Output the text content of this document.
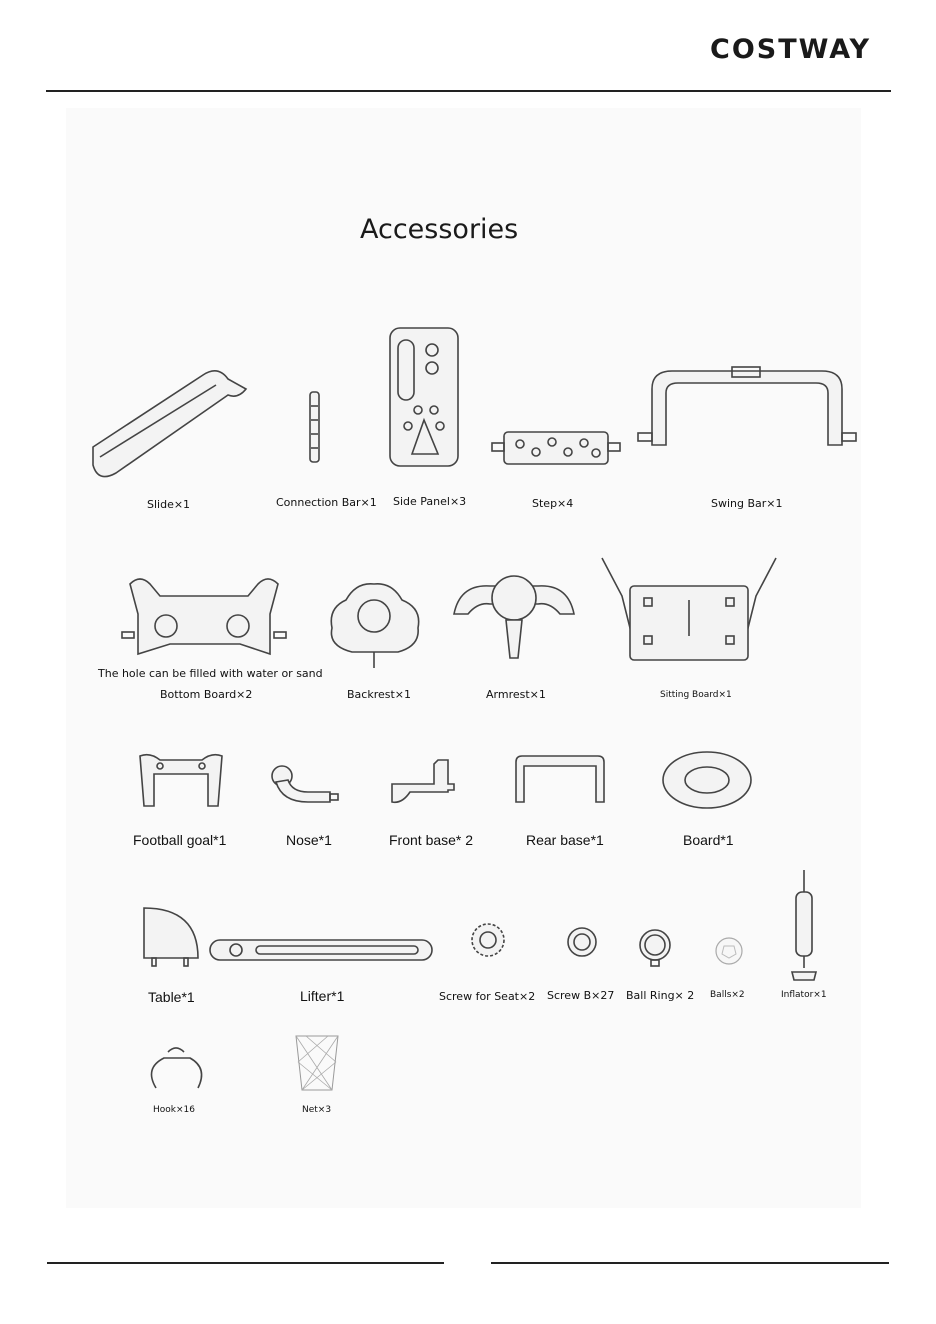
COSTWAY
Accessories
Slide×1	Connection Bar×1 Side Panel×3	Step×4	Swing Bar×1
The hole can be filled with water or sand
Bottom Board×2	Backrest×1	Armrest×1	Sitting Board×1
Football goal*1	Nose*1	Front base* 2	Rear base*1	Board*1
Table*1	Lifter*1	Screw for Seat×2 Screw B×27 Ball Ring× 2 Balls×2	Inflator×1
Hook×16	Net×3
